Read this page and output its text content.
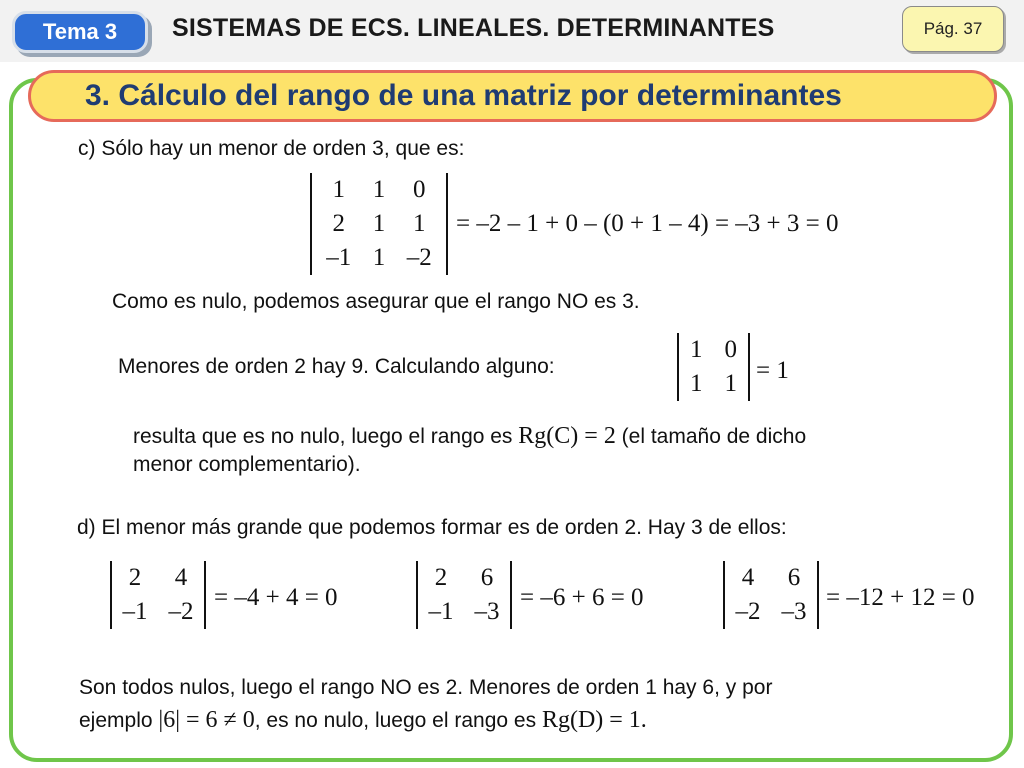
Tema 3	SISTEMAS DE ECS. LINEALES. DETERMINANTES	Pág. 37
3. Cálculo del rango de una matriz por determinantes
c) Sólo hay un menor de orden 3, que es:
1	1	0
2	1	1
–1	1	–2
= –2 – 1 + 0 – (0 + 1 – 4) = –3 + 3 = 0
Como es nulo, podemos asegurar que el rango NO es 3.
Menores de orden 2 hay 9. Calculando alguno:
1	0
1	1 = 1
resulta que es no nulo, luego el rango es Rg(C) = 2 (el tamaño de dicho
menor complementario).
d) El menor más grande que podemos formar es de orden 2. Hay 3 de ellos:
2	4
–1	–2
= –4 + 4 = 0
2	6
–1	–3
= –6 + 6 = 0
4	6
–2	–3
= –12 + 12 = 0
Son todos nulos, luego el rango NO es 2. Menores de orden 1 hay 6, y por
ejemplo |6| = 6 ≠ 0, es no nulo, luego el rango es Rg(D) = 1.
